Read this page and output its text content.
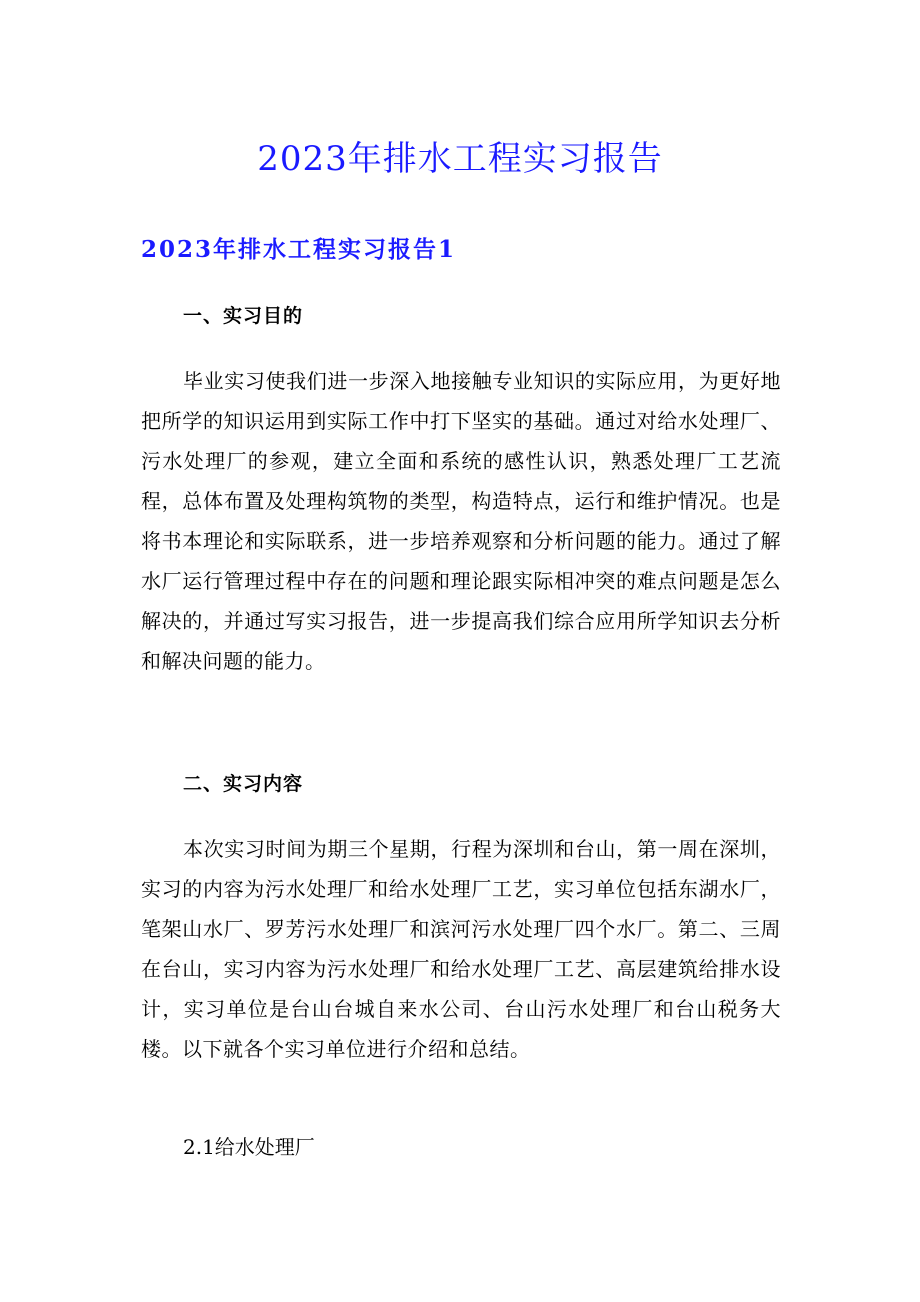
2023年排水工程实习报告
2023年排水工程实习报告1
一、实习目的
毕业实习使我们进一步深入地接触专业知识的实际应用，为更好地把所学的知识运用到实际工作中打下坚实的基础。通过对给水处理厂、污水处理厂的参观，建立全面和系统的感性认识，熟悉处理厂工艺流程，总体布置及处理构筑物的类型，构造特点，运行和维护情况。也是将书本理论和实际联系，进一步培养观察和分析问题的能力。通过了解水厂运行管理过程中存在的问题和理论跟实际相冲突的难点问题是怎么解决的，并通过写实习报告，进一步提高我们综合应用所学知识去分析和解决问题的能力。
二、实习内容
本次实习时间为期三个星期，行程为深圳和台山，第一周在深圳，实习的内容为污水处理厂和给水处理厂工艺，实习单位包括东湖水厂，笔架山水厂、罗芳污水处理厂和滨河污水处理厂四个水厂。第二、三周在台山，实习内容为污水处理厂和给水处理厂工艺、高层建筑给排水设计，实习单位是台山台城自来水公司、台山污水处理厂和台山税务大楼。以下就各个实习单位进行介绍和总结。
2.1给水处理厂
